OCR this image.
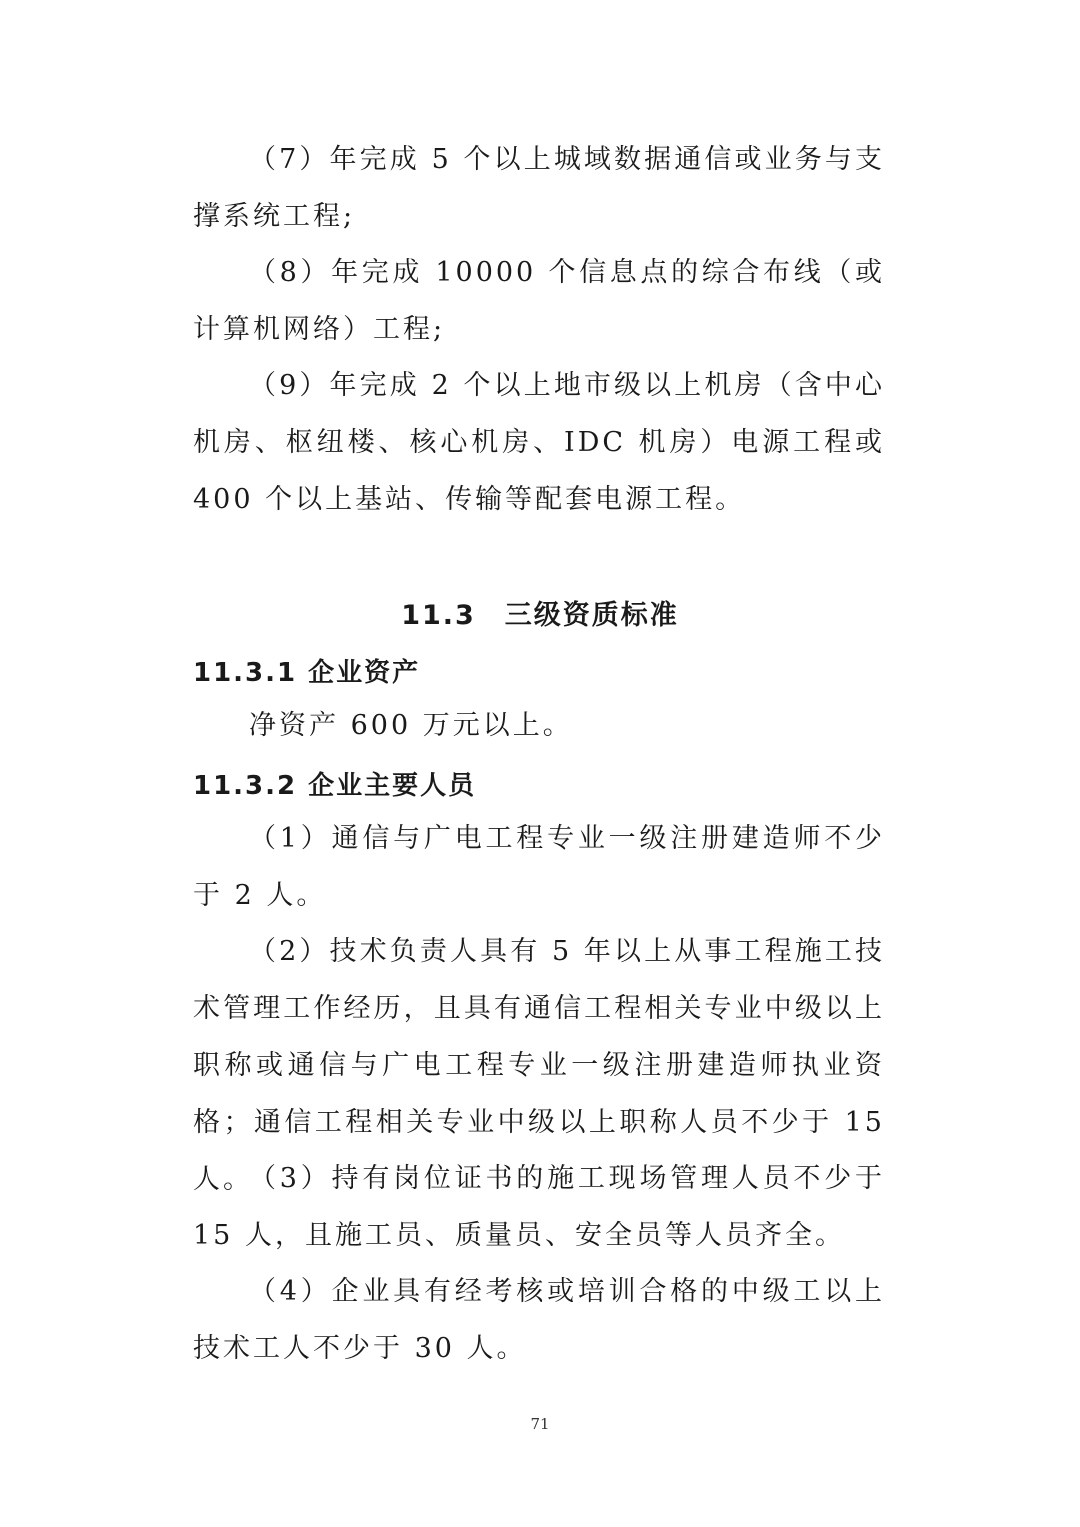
（7）年完成 5 个以上城域数据通信或业务与支撑系统工程;

（8）年完成 10000 个信息点的综合布线（或计算机网络）工程;

（9）年完成 2 个以上地市级以上机房（含中心机房、枢纽楼、核心机房、IDC 机房）电源工程或 400 个以上基站、传输等配套电源工程。

11.3　三级资质标准
11.3.1 企业资产

净资产 600 万元以上。

11.3.2 企业主要人员

（1）通信与广电工程专业一级注册建造师不少于 2 人。

（2）技术负责人具有 5 年以上从事工程施工技术管理工作经历，且具有通信工程相关专业中级以上职称或通信与广电工程专业一级注册建造师执业资格；通信工程相关专业中级以上职称人员不少于 15 人。

（3）持有岗位证书的施工现场管理人员不少于 15 人，且施工员、质量员、安全员等人员齐全。

（4）企业具有经考核或培训合格的中级工以上技术工人不少于 30 人。

71
